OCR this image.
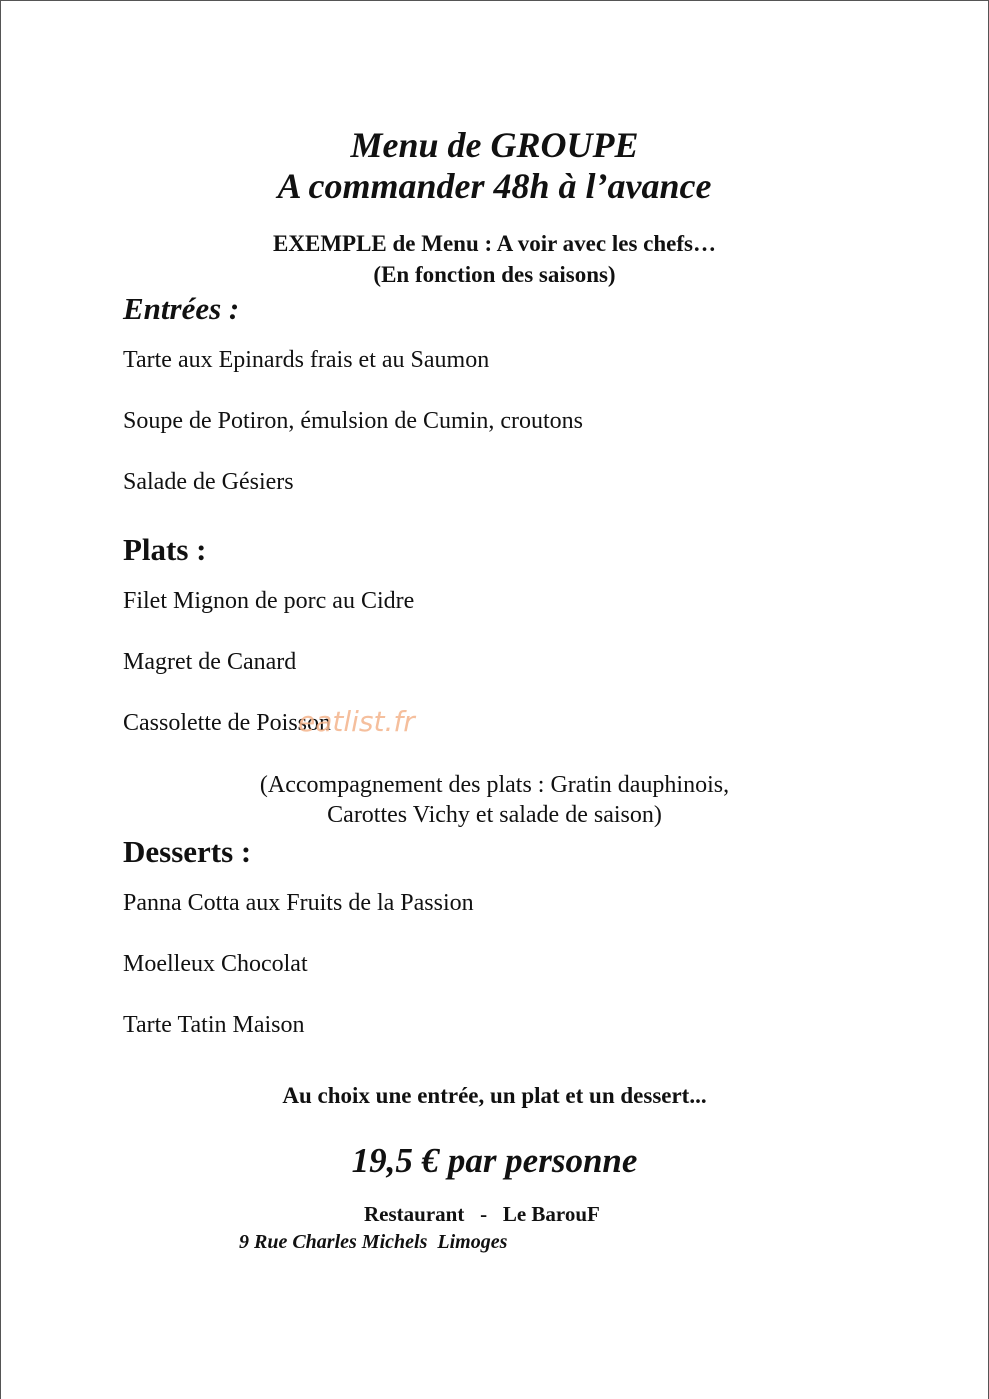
Menu de GROUPE
A commander 48h à l’avance
EXEMPLE de Menu : A voir avec les chefs…
(En fonction des saisons)
Entrées :
Tarte aux Epinards frais et au Saumon
Soupe de Potiron, émulsion de Cumin, croutons
Salade de Gésiers
Plats :
Filet Mignon de porc au Cidre
Magret de Canard
Cassolette de Poisson
eatlist.fr
(Accompagnement des plats : Gratin dauphinois,
Carottes Vichy et salade de saison)
Desserts :
Panna Cotta aux Fruits de la Passion
Moelleux Chocolat
Tarte Tatin Maison
Au choix une entrée, un plat et un dessert...
19,5 € par personne
Restaurant   -   Le BarouF
9 Rue Charles Michels  Limoges
